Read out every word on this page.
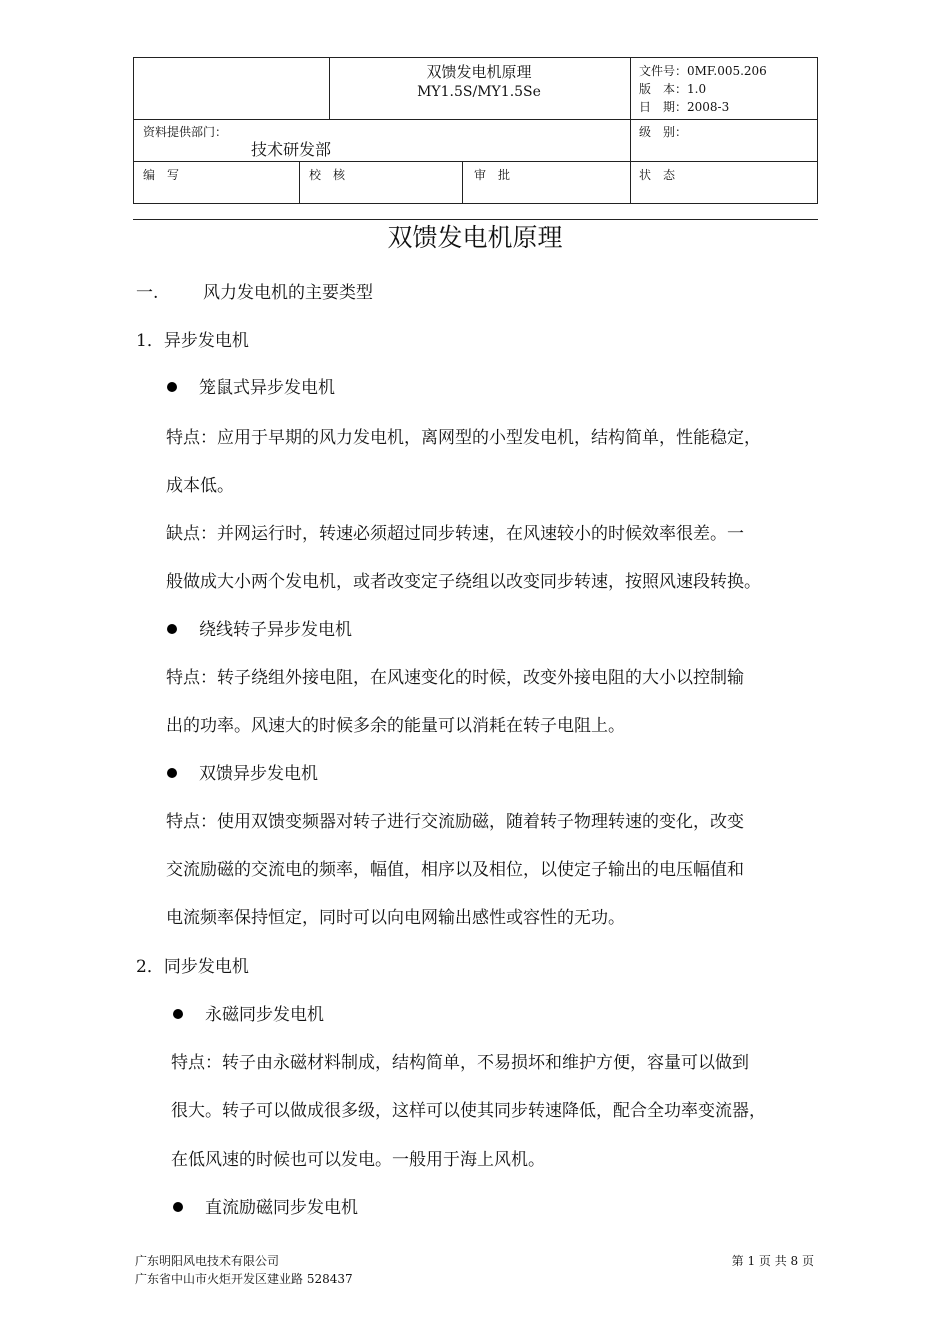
双馈发电机原理
MY1.5S/MY1.5Se
文件号：0MF.005.206
版　本：1.0
日　期：2008-3
资料提供部门：
技术研发部
级　别：
编　写	校　核	审　批	状　态
双馈发电机原理
一.	风力发电机的主要类型
1．异步发电机
笼鼠式异步发电机
特点：应用于早期的风力发电机，离网型的小型发电机，结构简单，性能稳定，
成本低。
缺点：并网运行时，转速必须超过同步转速，在风速较小的时候效率很差。一
般做成大小两个发电机，或者改变定子绕组以改变同步转速，按照风速段转换。
绕线转子异步发电机
特点：转子绕组外接电阻，在风速变化的时候，改变外接电阻的大小以控制输
出的功率。风速大的时候多余的能量可以消耗在转子电阻上。
双馈异步发电机
特点：使用双馈变频器对转子进行交流励磁，随着转子物理转速的变化，改变
交流励磁的交流电的频率，幅值，相序以及相位，以使定子输出的电压幅值和
电流频率保持恒定，同时可以向电网输出感性或容性的无功。
2．同步发电机
永磁同步发电机
特点：转子由永磁材料制成，结构简单，不易损坏和维护方便，容量可以做到
很大。转子可以做成很多级，这样可以使其同步转速降低，配合全功率变流器，
在低风速的时候也可以发电。一般用于海上风机。
直流励磁同步发电机
广东明阳风电技术有限公司
广东省中山市火炬开发区建业路 528437
第 1 页 共 8 页
